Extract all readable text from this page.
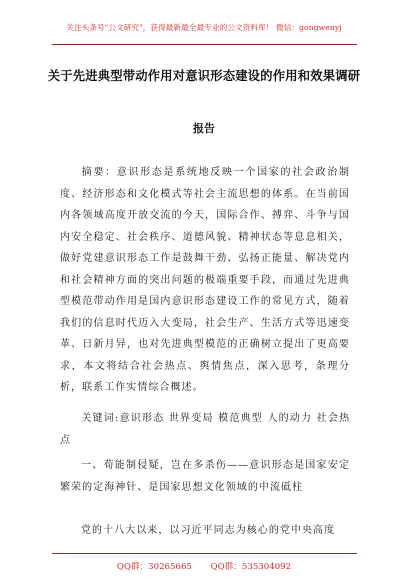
关注头条号"公文研究"，获得最新最全最专业的公文资料库！ 微信：gongwenyj
关于先进典型带动作用对意识形态建设的作用和效果调研
报告

摘要：意识形态是系统地反映一个国家的社会政治制度、经济形态和文化模式等社会主流思想的体系。在当前国内各领域高度开放交流的今天，国际合作、搏弈、斗争与国内安全稳定、社会秩序、道德风貌、精神状态等息息相关，做好党建意识形态工作是鼓舞干劲、弘扬正能量、解决党内和社会精神方面的突出问题的极端重要手段，而通过先进典型模范带动作用是国内意识形态建设工作的常见方式，随着我们的信息时代迈入大变局，社会生产、生活方式等迅速变革、日新月异，也对先进典型模范的正确树立提出了更高要求，本文将结合社会热点、舆情焦点，深入思考，条理分析，联系工作实情综合概述。

关键词:意识形态 世界变局 模范典型 人的动力 社会热点

一、荀能制侵疑，岂在多杀伤——意识形态是国家安定繁荣的定海神针、是国家思想文化领域的中流砥柱

党的十八大以来，以习近平同志为核心的党中央高度

QQ群：30265665 QQ群：535304092
